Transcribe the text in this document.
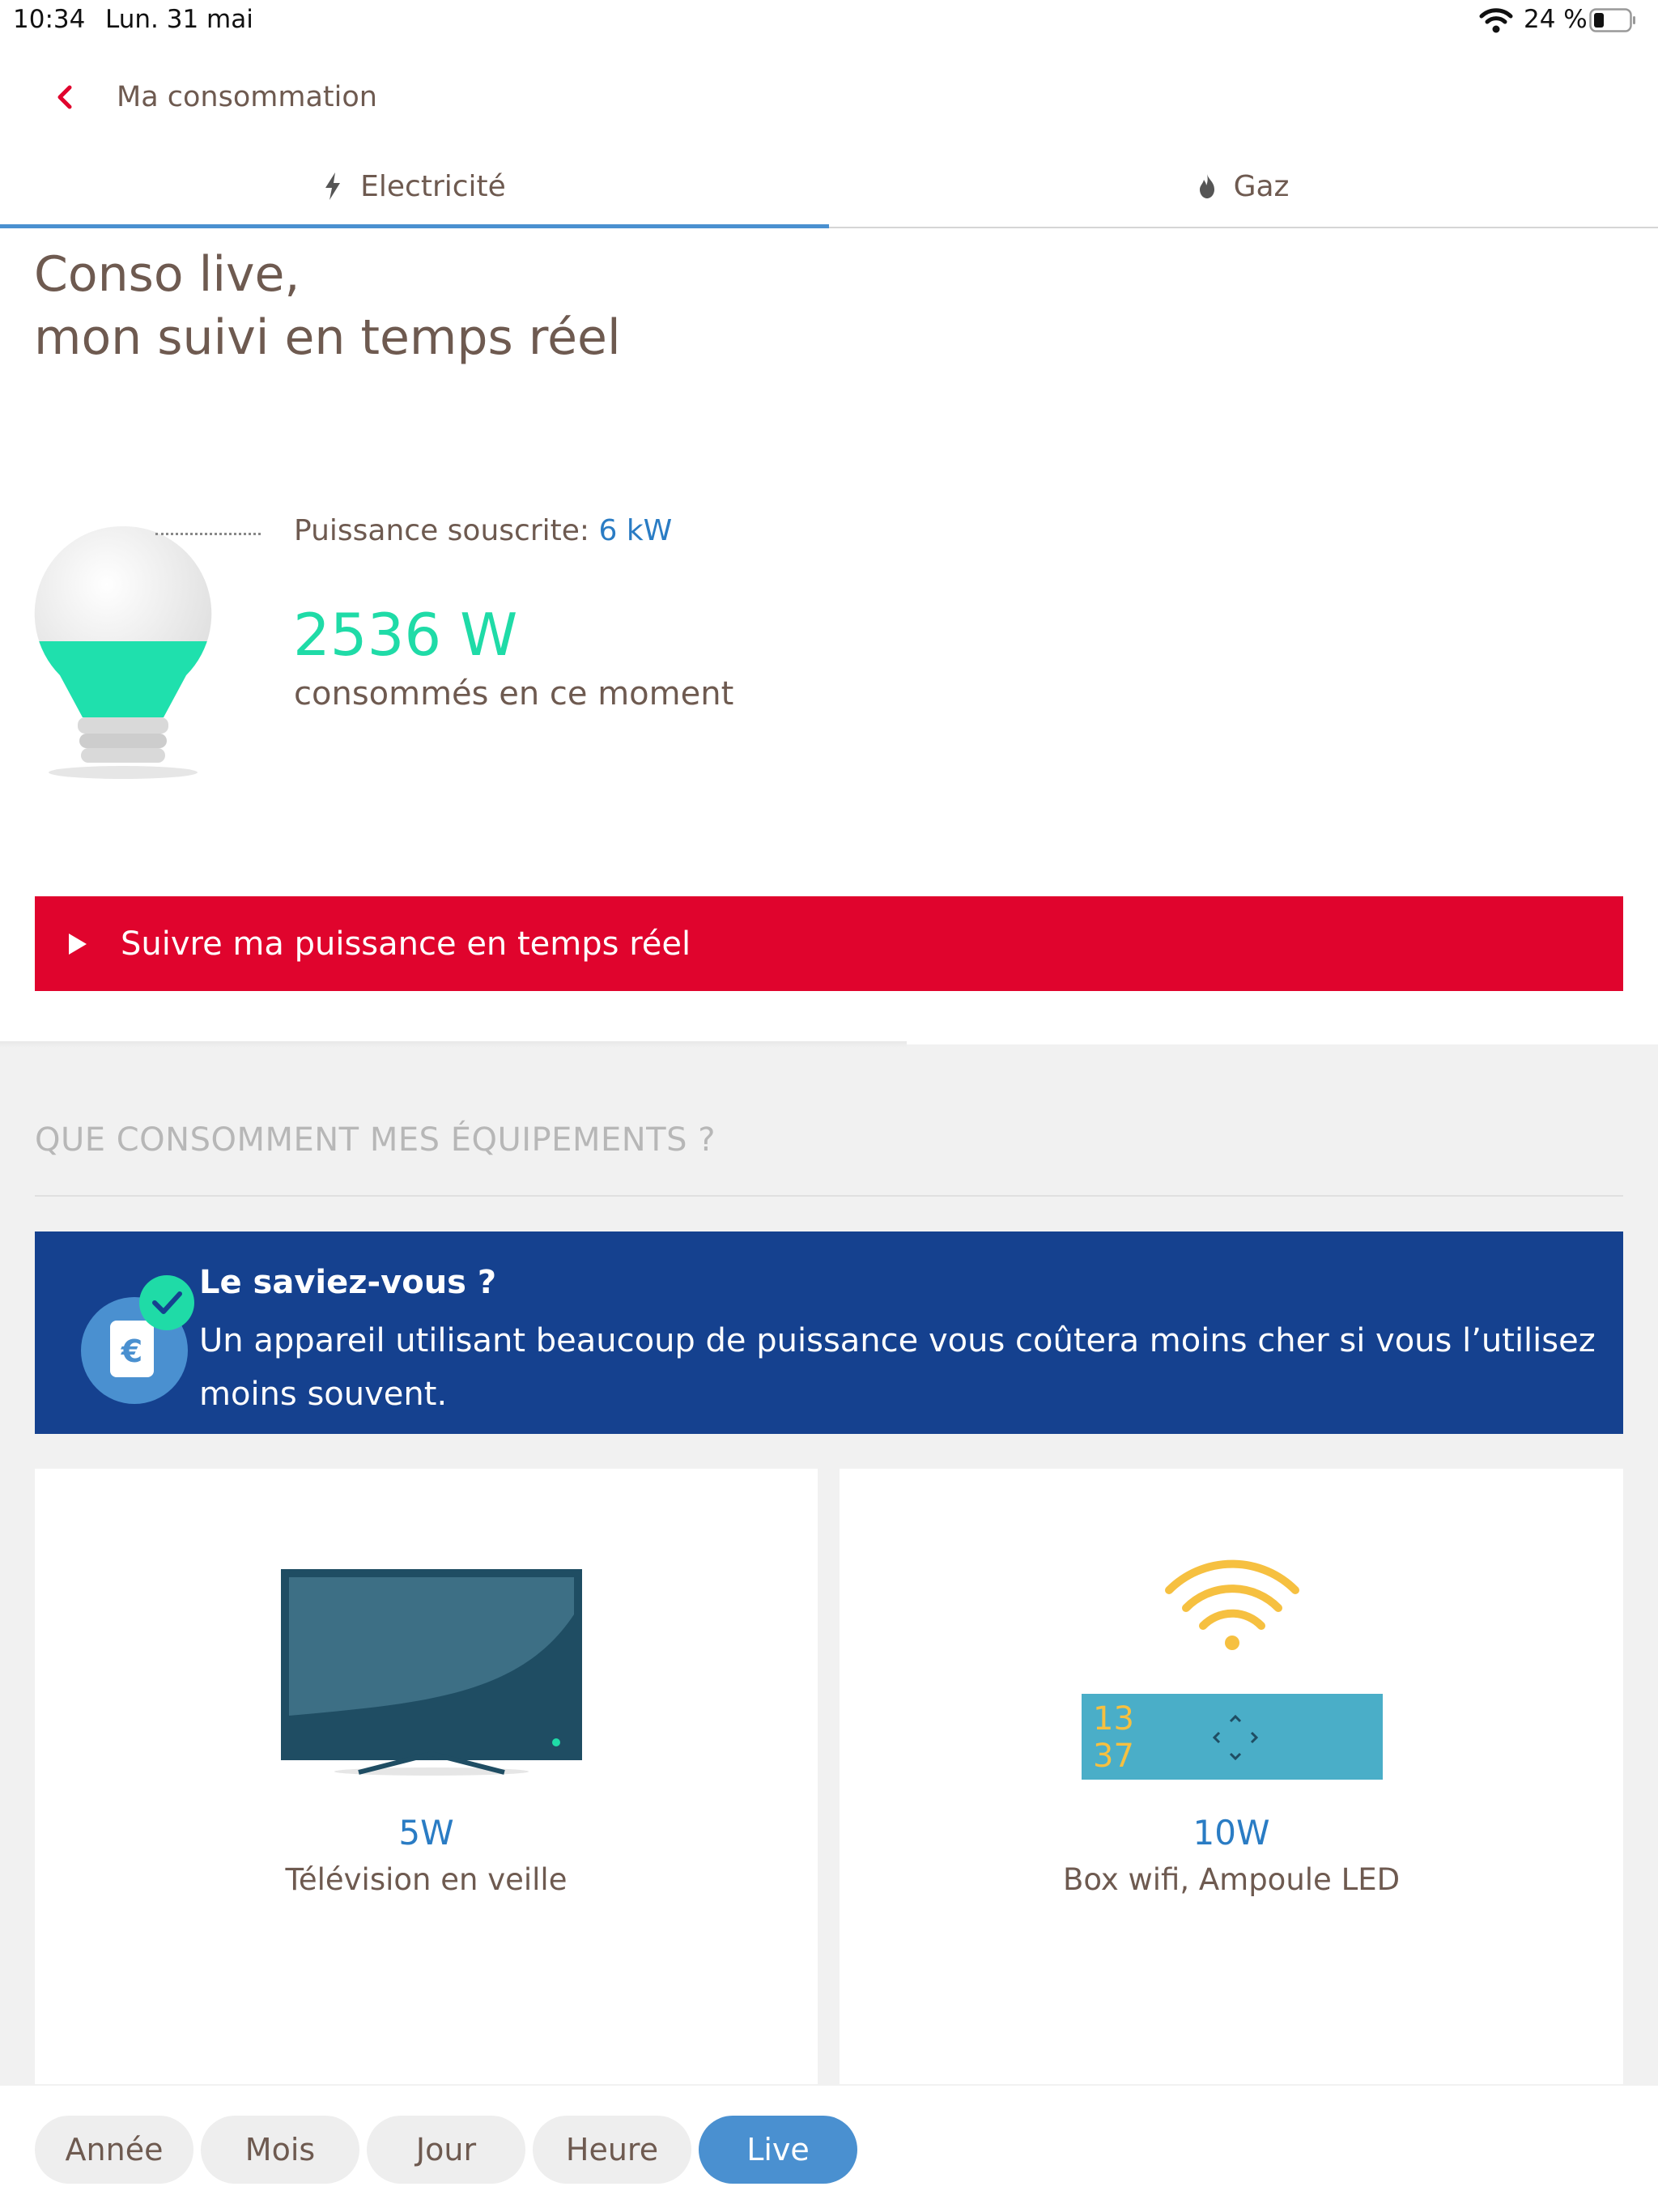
10:34 Lun. 31 mai	24 %
Ma consommation
Electricité	Gaz
Conso live,
mon suivi en temps réel
Puissance souscrite: 6 kW
2536 W
consommés en ce moment
Suivre ma puissance en temps réel
QUE CONSOMMENT MES ÉQUIPEMENTS ?
€
Le saviez-vous ?
Un appareil utilisant beaucoup de puissance vous coûtera moins cher si vous l’utilisez moins souvent.
5W
Télévision en veille
13
37
10W
Box wifi, Ampoule LED
Année	Mois	Jour	Heure	Live
